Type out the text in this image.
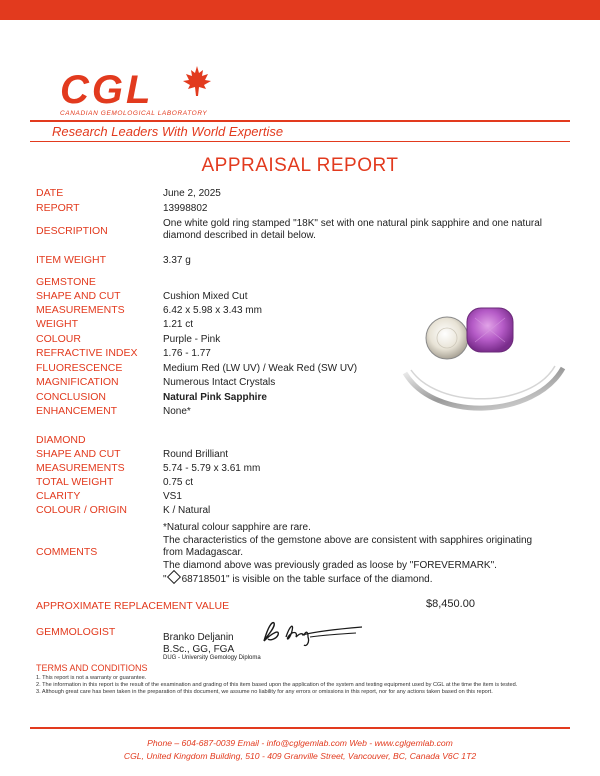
CGL
CANADIAN GEMOLOGICAL LABORATORY
Research Leaders With World Expertise
APPRAISAL REPORT
DATE	June 2, 2025
REPORT	13998802
DESCRIPTION
One white gold ring stamped "18K" set with one natural pink sapphire and one natural diamond described in detail below.
ITEM WEIGHT	3.37 g
GEMSTONE
SHAPE AND CUT	Cushion Mixed Cut
MEASUREMENTS	6.42 x 5.98 x 3.43 mm
WEIGHT	1.21 ct
COLOUR	Purple - Pink
REFRACTIVE INDEX	1.76 - 1.77
FLUORESCENCE	Medium Red (LW UV) / Weak Red (SW UV)
MAGNIFICATION	Numerous Intact Crystals
CONCLUSION	Natural Pink Sapphire
ENHANCEMENT	None*
DIAMOND
SHAPE AND CUT	Round Brilliant
MEASUREMENTS	5.74 - 5.79 x 3.61 mm
TOTAL WEIGHT	0.75 ct
CLARITY	VS1
COLOUR / ORIGIN	K / Natural
COMMENTS
*Natural colour sapphire are rare.
The characteristics of the gemstone above are consistent with sapphires originating
from Madagascar.
The diamond above was previously graded as loose by "FOREVERMARK".
" 68718501" is visible on the table surface of the diamond.
APPROXIMATE REPLACEMENT VALUE	$8,450.00
GEMMOLOGIST	Branko Deljanin
B.Sc., GG, FGA
DUG - University Gemology Diploma
TERMS AND CONDITIONS
1. This report is not a warranty or guarantee.
2. The information in this report is the result of the examination and grading of this item based upon the application of the system and testing equipment used by CGL at the time the item is tested.
3. Although great care has been taken in the preparation of this document, we assume no liability for any errors or omissions in this report, nor for any actions taken based on this report.
Phone – 604-687-0039 Email - info@cglgemlab.com Web - www.cglgemlab.com
CGL, United Kingdom Building, 510 - 409 Granville Street, Vancouver, BC, Canada V6C 1T2
